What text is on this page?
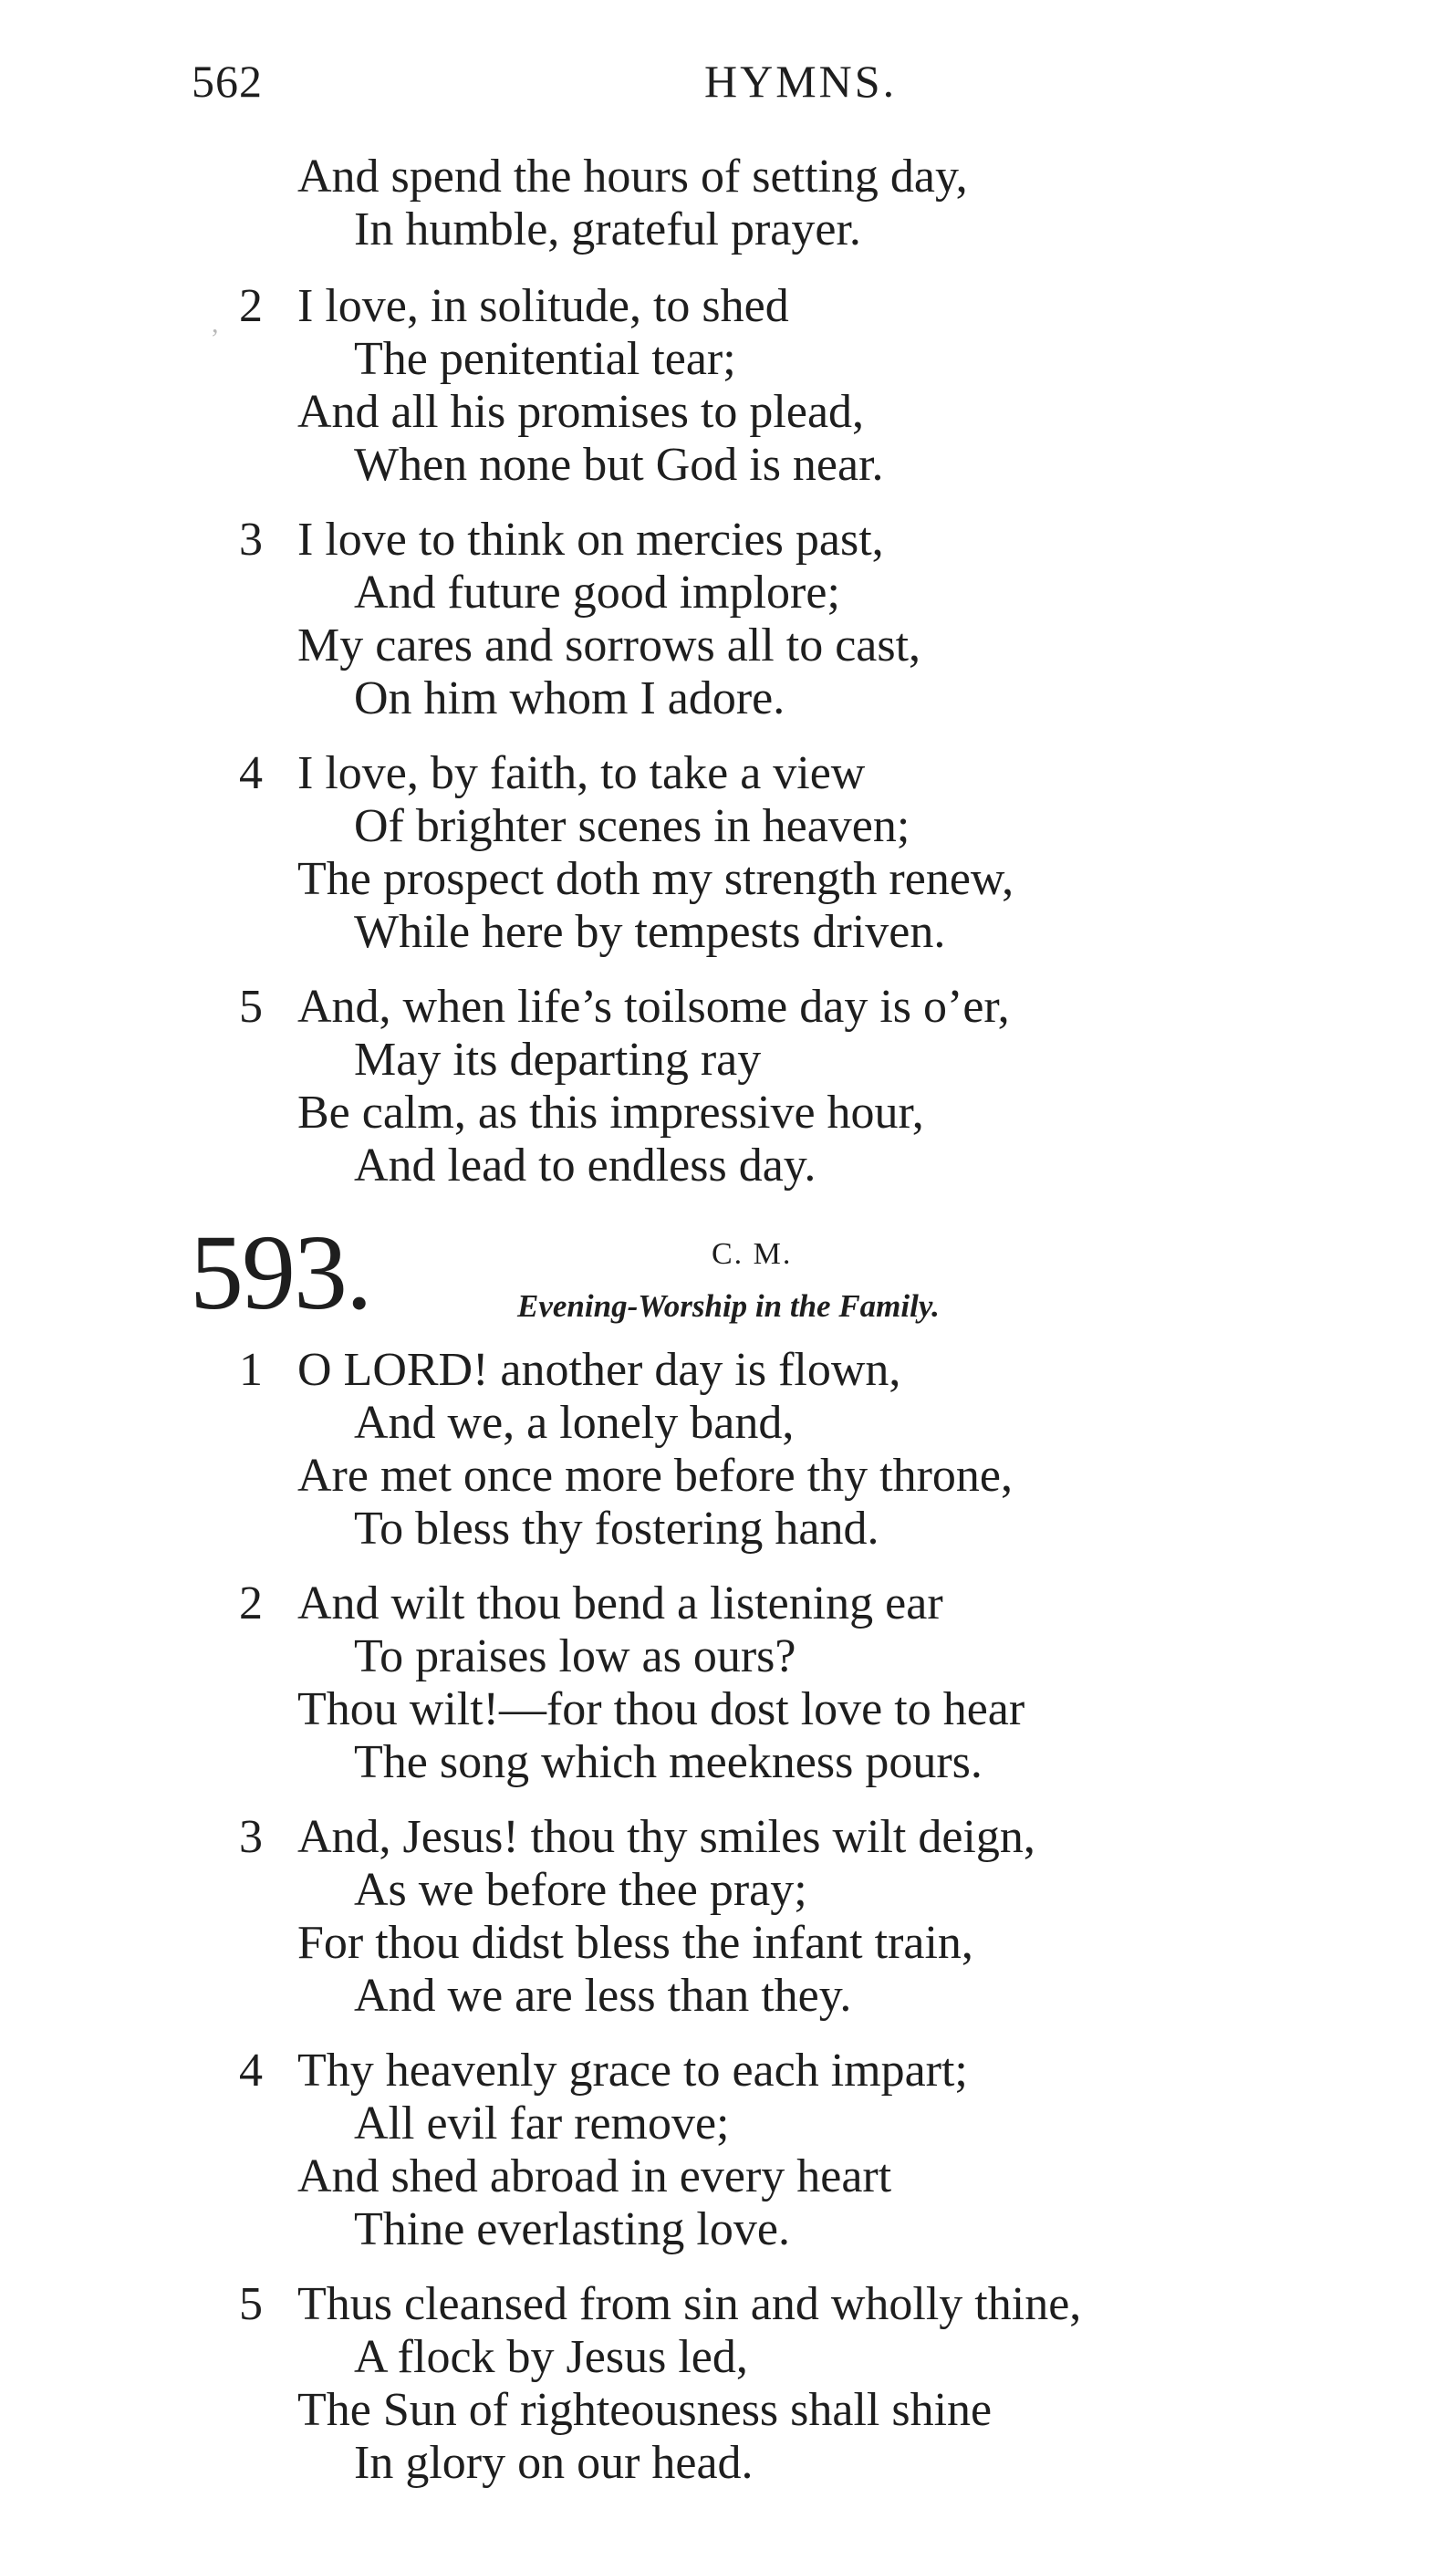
562	HYMNS.
And spend the hours of setting day,
In humble, grateful prayer.
, 2 I love, in solitude, to shed
The penitential tear;
And all his promises to plead,
When none but God is near.
3 I love to think on mercies past,
And future good implore;
My cares and sorrows all to cast,
On him whom I adore.
4 I love, by faith, to take a view
Of brighter scenes in heaven;
The prospect doth my strength renew,
While here by tempests driven.
5 And, when life’s toilsome day is o’er,
May its departing ray
Be calm, as this impressive hour,
And lead to endless day.
593.	C. M.
Evening-Worship in the Family.
1 O LORD! another day is flown,
And we, a lonely band,
Are met once more before thy throne,
To bless thy fostering hand.
2 And wilt thou bend a listening ear
To praises low as ours?
Thou wilt!—for thou dost love to hear
The song which meekness pours.
3 And, Jesus! thou thy smiles wilt deign,
As we before thee pray;
For thou didst bless the infant train,
And we are less than they.
4 Thy heavenly grace to each impart;
All evil far remove;
And shed abroad in every heart
Thine everlasting love.
5 Thus cleansed from sin and wholly thine,
A flock by Jesus led,
The Sun of righteousness shall shine
In glory on our head.
